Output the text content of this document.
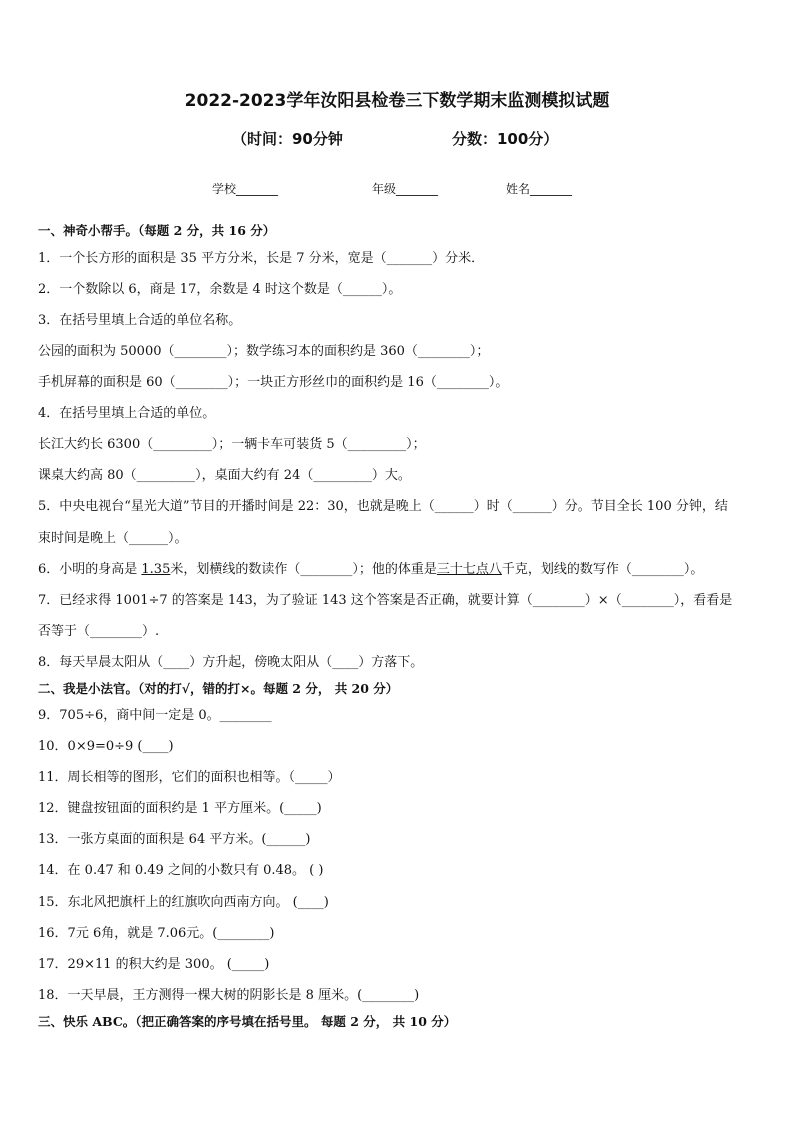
2022-2023学年汝阳县检卷三下数学期末监测模拟试题
（时间：90分钟	分数：100分）
学校_______	年级_______	姓名_______
一、神奇小帮手。（每题 2 分，共 16 分）
1．一个长方形的面积是 35 平方分米，长是 7 分米，宽是（_______）分米．
2．一个数除以 6，商是 17，余数是 4 时这个数是（______）。
3．在括号里填上合适的单位名称。
公园的面积为 50000（________）；数学练习本的面积约是 360（________）；
手机屏幕的面积是 60（________）；一块正方形丝巾的面积约是 16（________）。
4．在括号里填上合适的单位。
长江大约长 6300（_________）；一辆卡车可装货 5（_________）；
课桌大约高 80（_________），桌面大约有 24（_________）大。
5．中央电视台“星光大道”节目的开播时间是 22：30，也就是晚上（______）时（______）分。节目全长 100 分钟，结
束时间是晚上（______）。
6．小明的身高是 1.35米，划横线的数读作（________）；他的体重是三十七点八千克，划线的数写作（________）。
7．已经求得 1001÷7 的答案是 143，为了验证 143 这个答案是否正确，就要计算（________）×（________），看看是
否等于（________）.
8．每天早晨太阳从（____）方升起，傍晚太阳从（____）方落下。
二、我是小法官。（对的打√，错的打×。每题 2 分， 共 20 分）
9．705÷6，商中间一定是 0。________
10．0×9=0÷9 (____)
11．周长相等的图形，它们的面积也相等。（_____）
12．键盘按钮面的面积约是 1 平方厘米。(_____)
13．一张方桌面的面积是 64 平方米。(______)
14．在 0.47 和 0.49 之间的小数只有 0.48。 ( )
15．东北风把旗杆上的红旗吹向西南方向。 (____)
16．7元 6角，就是 7.06元。(________)
17．29×11 的积大约是 300。 (_____)
18．一天早晨，王方测得一棵大树的阴影长是 8 厘米。(________)
三、快乐 ABC。（把正确答案的序号填在括号里。 每题 2 分， 共 10 分）
